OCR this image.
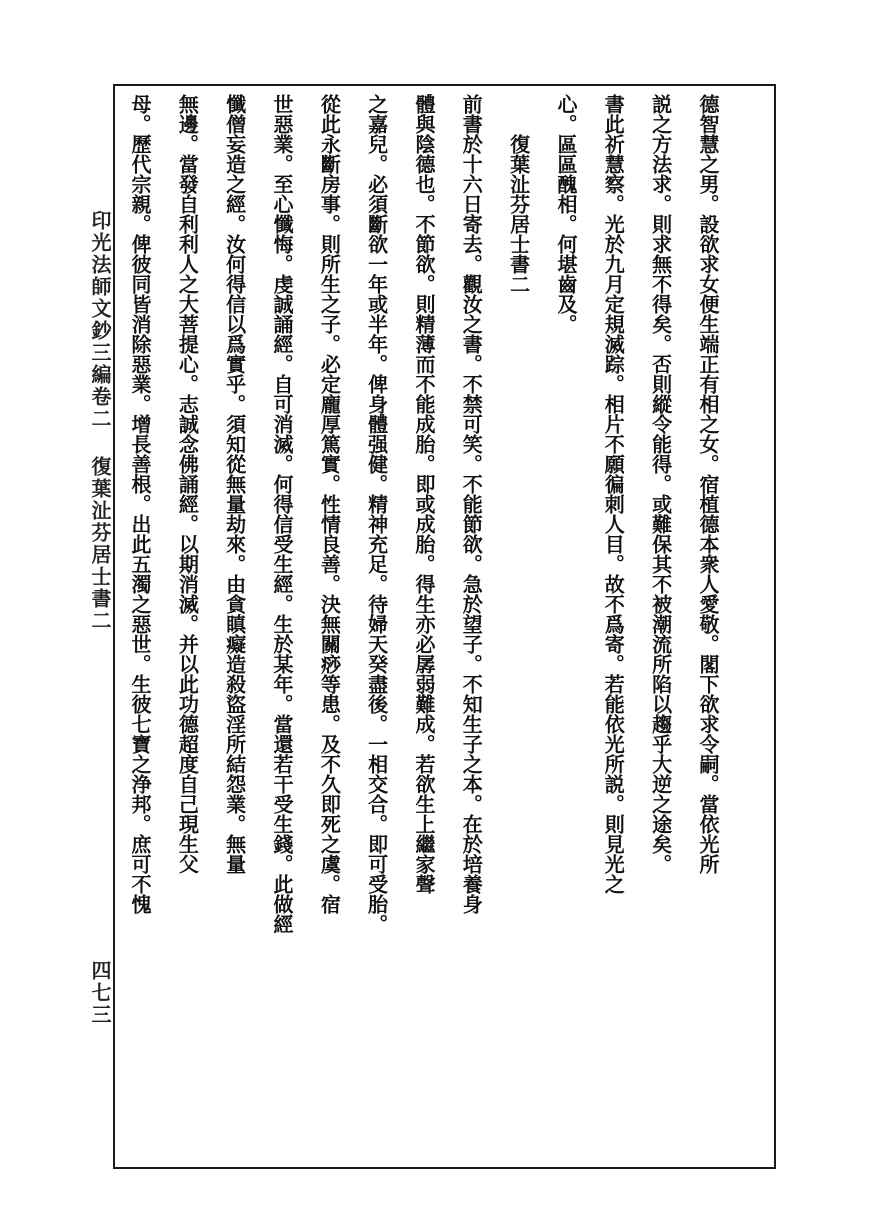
印光法師文鈔三編卷二
復葉沚芬居士書二
四七三
德智慧之男。設欲求女便生端正有相之女。宿植德本衆人愛敬。閣下欲求令嗣。當依光所
説之方法求。則求無不得矣。否則縱令能得。或難保其不被潮流所陷以趨乎大逆之途矣。
書此祈慧察。光於九月定規滅踪。相片不願徧刺人目。故不爲寄。若能依光所説。則見光之
心。區區醜相。何堪齒及。
復葉沚芬居士書二
前書於十六日寄去。觀汝之書。不禁可笑。不能節欲。急於望子。不知生子之本。在於培養身
體與陰德也。不節欲。則精薄而不能成胎。即或成胎。得生亦必孱弱難成。若欲生上繼家聲
之嘉兒。必須斷欲一年或半年。俾身體强健。精神充足。待婦天癸盡後。一相交合。即可受胎。
從此永斷房事。則所生之子。必定龐厚篤實。性情良善。決無關痧等患。及不久即死之虞。宿
世惡業。至心懺悔。虔誠誦經。自可消滅。何得信受生經。生於某年。當還若干受生錢。此做經
懺僧妄造之經。汝何得信以爲實乎。須知從無量劫來。由貪瞋癡造殺盜淫所結怨業。無量
無邊。當發自利利人之大菩提心。志誠念佛誦經。以期消滅。并以此功德超度自己現生父
母。歷代宗親。俾彼同皆消除惡業。增長善根。出此五濁之惡世。生彼七寶之浄邦。庶可不愧
